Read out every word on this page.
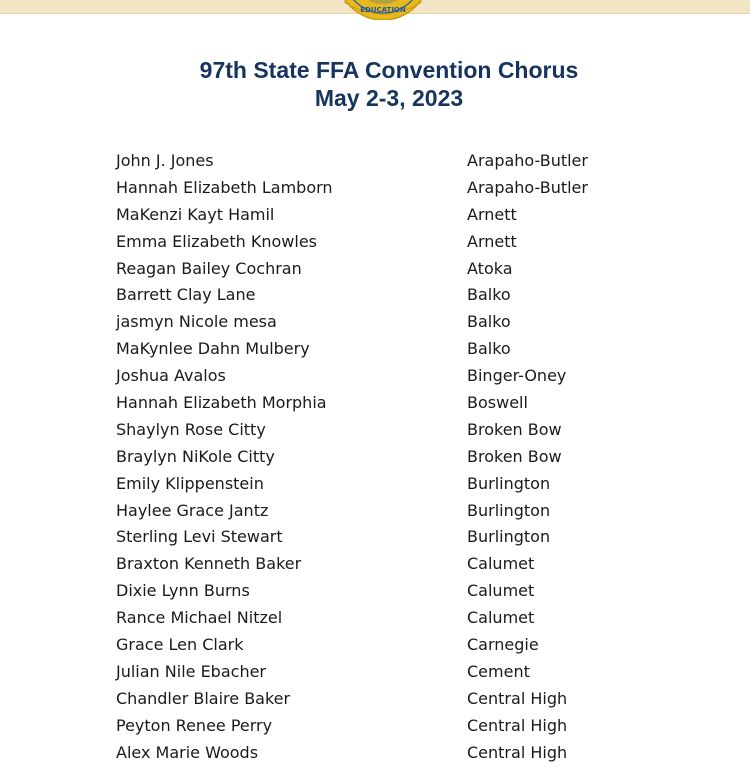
EDUCATION
97th State FFA Convention Chorus
May 2-3, 2023
John J. Jones	Arapaho-Butler
Hannah Elizabeth Lamborn	Arapaho-Butler
MaKenzi Kayt Hamil	Arnett
Emma Elizabeth Knowles	Arnett
Reagan Bailey Cochran	Atoka
Barrett Clay Lane	Balko
jasmyn Nicole mesa	Balko
MaKynlee Dahn Mulbery	Balko
Joshua Avalos	Binger-Oney
Hannah Elizabeth Morphia	Boswell
Shaylyn Rose Citty	Broken Bow
Braylyn NiKole Citty	Broken Bow
Emily Klippenstein	Burlington
Haylee Grace Jantz	Burlington
Sterling Levi Stewart	Burlington
Braxton Kenneth Baker	Calumet
Dixie Lynn Burns	Calumet
Rance Michael Nitzel	Calumet
Grace Len Clark	Carnegie
Julian Nile Ebacher	Cement
Chandler Blaire Baker	Central High
Peyton Renee Perry	Central High
Alex Marie Woods	Central High
